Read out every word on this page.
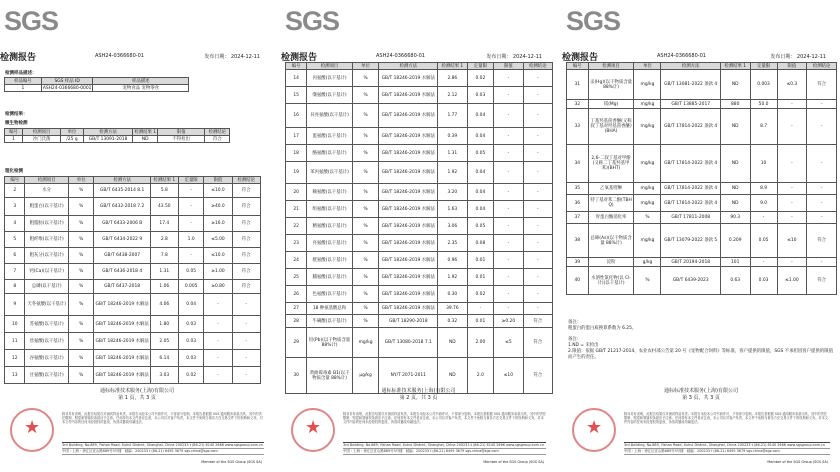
SGS
检测报告	ASH24-0366680-01	发布日期： 2024-12-11
检测样品描述：
样品编号	SGS 样品 ID	样品描述
1	ASH24-0366680-0001	宠物食品 宠物零食
检测结果：
微生物检测
编号	检测项目	单位	检测方法	检测结果 1	限值	检测结论
1	沙门氏菌	/25 g	GB/T 13091-2018	ND	不得检出	符合
理化检测
编号	检测项目	单位	检测方法	检测结果 1	定量限	限值	检测结论
2	水分	%	GB/T 6435-2014 8.1	5.8	-	≤10.0	符合
3	粗蛋白(以干基计)	%	GB/T 6432-2018 7.2	43.50	-	≥40.0	符合
4	粗脂肪(以干基计)	%	GB/T 6433-2006 B	17.4	-	≥16.0	符合
5	粗纤维(以干基计)	%	GB/T 6434-2022 9	2.8	1.0	≤5.00	符合
6	粗灰分(以干基计)	%	GB/T 6438-2007	7.8	-	≤10.0	符合
7	钙(Ca)(以干基计)	%	GB/T 6436-2018 4	1.31	0.05	≥1.00	符合
8	总磷(以干基计)	%	GB/T 6437-2018	1.06	0.005	≥0.80	符合
9	天冬氨酸(以干基计)	%	GB/T 18246-2019 水解法	4.06	0.04	-	-
10	苏氨酸(以干基计)	%	GB/T 18246-2019 水解法	1.80	0.03	-	-
11	丝氨酸(以干基计)	%	GB/T 18246-2019 水解法	2.05	0.03	-	-
12	谷氨酸(以干基计)	%	GB/T 18246-2019 水解法	6.14	0.03	-	-
13	甘氨酸(以干基计)	%	GB/T 18246-2019 水解法	3.03	0.02	-	-
通标标准技术服务(上海)有限公司
第 1 页，共 3 页
★
除非另有说明，此报告结果仅对测试样品负责。本报告未经本公司书面许可，不得部分复制。本报告是根据 SGS 通用服务条款出具，其中的责任限制、赔偿和管辖权条款应予注意。任何持有本文件者应注意，本公司仅对客户负责，本文件不免除当事各方在交易文件下的权利和义务。对本文件内容的任何未经授权的更改、伪造或篡改均属违法。
3rd Building, No.889, Yishan Road, Xuhui District, Shanghai, China 200233 t (86-21) 6140 2666 www.sgsgroup.com.cn
中国・上海・徐汇区宜山路889号3号楼　邮编：200233 f (86-21) 6495 3679 sgs.china@sgs.com
Member of the SGS Group (SGS SA)
SGS
检测报告	ASH24-0366680-01	发布日期： 2024-12-11
编号	检测项目	单位	检测方法	检测结果 1	定量限	限值	检测结论
14	丙氨酸(以干基计)	%	GB/T 18246-2019 水解法	2.86	0.02	-	-
15	缬氨酸(以干基计)	%	GB/T 18246-2019 水解法	2.12	0.03	-	-
16	异亮氨酸(以干基计)	%	GB/T 18246-2019 水解法	1.77	0.04	-	-
17	蛋氨酸(以干基计)	%	GB/T 18246-2019 水解法	0.39	0.04	-	-
18	酪氨酸(以干基计)	%	GB/T 18246-2019 水解法	1.31	0.05	-	-
19	苯丙氨酸(以干基计)	%	GB/T 18246-2019 水解法	1.92	0.04	-	-
20	赖氨酸(以干基计)	%	GB/T 18246-2019 水解法	3.20	0.04	-	-
21	组氨酸(以干基计)	%	GB/T 18246-2019 水解法	1.63	0.04	-	-
22	精氨酸(以干基计)	%	GB/T 18246-2019 水解法	3.06	0.05	-	-
23	亮氨酸(以干基计)	%	GB/T 18246-2019 水解法	2.35	0.08	-	-
24	胱氨酸(以干基计)	%	GB/T 18246-2019 水解法	0.96	0.01	-	-
25	脯氨酸(以干基计)	%	GB/T 18246-2019 水解法	1.92	0.01	-	-
26	色氨酸(以干基计)	%	GB/T 18246-2019 水解法	0.30	0.02	-	-
27	18 种氨基酸总和	%	GB/T 18246-2019 水解法	39.76	-	-	-
28	牛磺酸(以干基计)	%	GB/T 18290-2018	0.32	0.01	≥0.20	符合
29	铅(Pb)(以干物质含量 88%计)	mg/kg	GB/T 13080-2018 7.1	ND	2.00	≤5	符合
30	黄曲霉毒素 B1(以干物质含量 88%计)	μg/kg	NY/T 2071-2011	ND	2.0	≤10	符合
通标标准技术服务(上海)有限公司
第 2 页，共 3 页
★
除非另有说明，此报告结果仅对测试样品负责。本报告未经本公司书面许可，不得部分复制。本报告是根据 SGS 通用服务条款出具，其中的责任限制、赔偿和管辖权条款应予注意。任何持有本文件者应注意，本公司仅对客户负责，本文件不免除当事各方在交易文件下的权利和义务。对本文件内容的任何未经授权的更改、伪造或篡改均属违法。
3rd Building, No.889, Yishan Road, Xuhui District, Shanghai, China 200233 t (86-21) 6140 2666 www.sgsgroup.com.cn
中国・上海・徐汇区宜山路889号3号楼　邮编：200233 f (86-21) 6495 3679 sgs.china@sgs.com
Member of the SGS Group (SGS SA)
SGS
检测报告	ASH24-0366680-01	发布日期： 2024-12-11
编号	检测项目	单位	检测方法	检测结果 1	定量限	限值	检测结论
31	汞(Hg)(以干物质含量 88%计)	mg/kg	GB/T 13081-2022 条款 4	ND	0.003	≤0.3	符合
32	镁(Mg)	mg/kg	GB/T 13885-2017	880	50.0	-	-
33	丁基羟基茴香醚(又称叔丁基对羟基茴香醚)(BHA)	mg/kg	GB/T 17814-2022 条款 4	ND	8.7	-	-
34	2,6-二叔丁基对甲酚(又称二丁基羟基甲苯)(BHT)	mg/kg	GB/T 17814-2022 条款 4	ND	10	-	-
35	乙氧基喹啉	mg/kg	GB/T 17814-2022 条款 4	ND	8.9	-	-
36	特丁基对苯二酚(TBHQ)	mg/kg	GB/T 17814-2022 条款 4	ND	9.0	-	-
37	胃蛋白酶消化率	%	GB/T 17811-2008	90.3	-	-	-
38	总砷(As)(以干物质含量 88%计)	mg/kg	GB/T 13079-2022 条款 5	0.209	0.05	≤10	符合
39	淀粉	g/kg	GB/T 20194-2018	101	-	-	-
40	水溶性氯化物(以 Cl- 计)(以干基计)	%	GB/T 6439-2023	0.63	0.03	≤1.00	符合
备注：
粗蛋白的蛋白质换算系数为 6.25。
备注：
1.ND = 未检出
2.限值：依据 GB/T 21217-2014、农业农村部公告第 20 号《宠物配合饲料》等标准，客户提供的限值，SGS 不承担因客户提供的限值而产生的责任。
通标标准技术服务(上海)有限公司
第 3 页，共 3 页
★
除非另有说明，此报告结果仅对测试样品负责。本报告未经本公司书面许可，不得部分复制。本报告是根据 SGS 通用服务条款出具，其中的责任限制、赔偿和管辖权条款应予注意。任何持有本文件者应注意，本公司仅对客户负责，本文件不免除当事各方在交易文件下的权利和义务。对本文件内容的任何未经授权的更改、伪造或篡改均属违法。
3rd Building, No.889, Yishan Road, Xuhui District, Shanghai, China 200233 t (86-21) 6140 2666 www.sgsgroup.com.cn
中国・上海・徐汇区宜山路889号3号楼　邮编：200233 f (86-21) 6495 3679 sgs.china@sgs.com
Member of the SGS Group (SGS SA)
